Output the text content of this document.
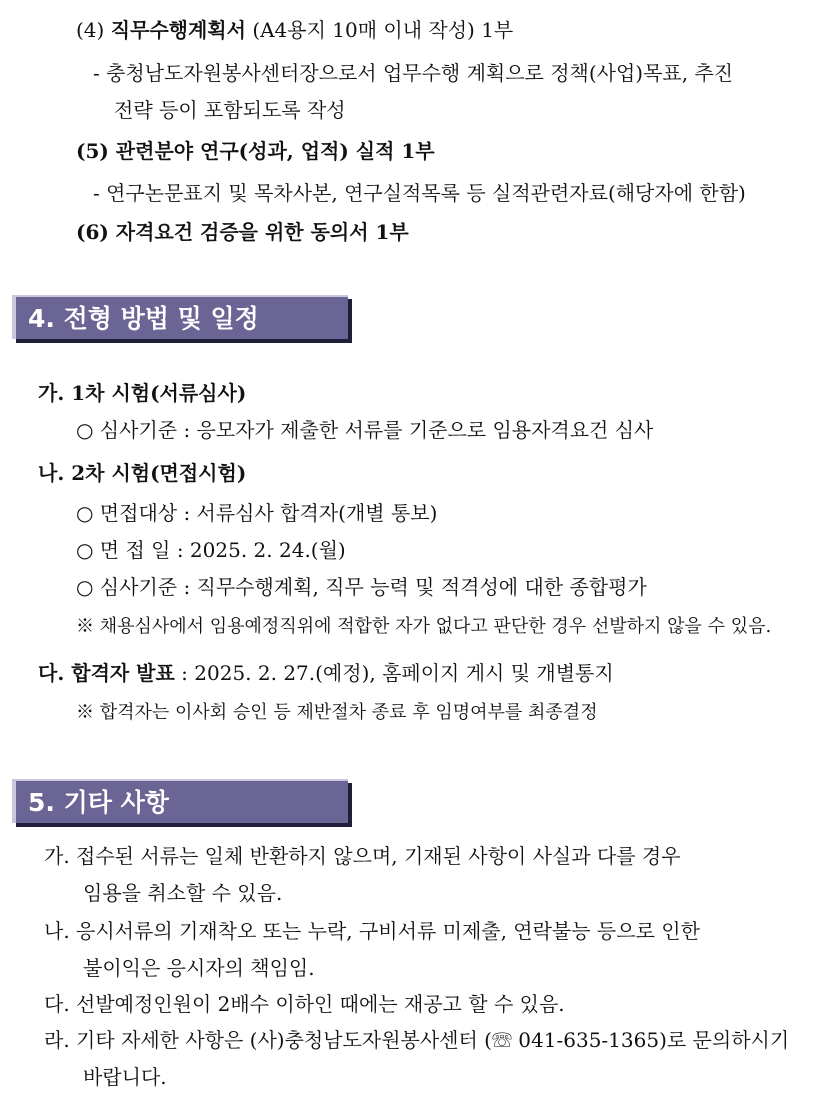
(4) 직무수행계획서 (A4용지 10매 이내 작성) 1부
- 충청남도자원봉사센터장으로서 업무수행 계획으로 정책(사업)목표, 추진
전략 등이 포함되도록 작성
(5) 관련분야 연구(성과, 업적) 실적 1부
- 연구논문표지 및 목차사본, 연구실적목록 등 실적관련자료(해당자에 한함)
(6) 자격요건 검증을 위한 동의서 1부
4. 전형 방법 및 일정
가. 1차 시험(서류심사)
○ 심사기준 : 응모자가 제출한 서류를 기준으로 임용자격요건 심사
나. 2차 시험(면접시험)
○ 면접대상 : 서류심사 합격자(개별 통보)
○ 면 접 일 : 2025. 2. 24.(월)
○ 심사기준 : 직무수행계획, 직무 능력 및 적격성에 대한 종합평가
※ 채용심사에서 임용예정직위에 적합한 자가 없다고 판단한 경우 선발하지 않을 수 있음.
다. 합격자 발표 : 2025. 2. 27.(예정), 홈페이지 게시 및 개별통지
※ 합격자는 이사회 승인 등 제반절차 종료 후 임명여부를 최종결정
5. 기타 사항
가. 접수된 서류는 일체 반환하지 않으며, 기재된 사항이 사실과 다를 경우
임용을 취소할 수 있음.
나. 응시서류의 기재착오 또는 누락, 구비서류 미제출, 연락불능 등으로 인한
불이익은 응시자의 책임임.
다. 선발예정인원이 2배수 이하인 때에는 재공고 할 수 있음.
라. 기타 자세한 사항은 (사)충청남도자원봉사센터 (☏ 041-635-1365)로 문의하시기
바랍니다.
